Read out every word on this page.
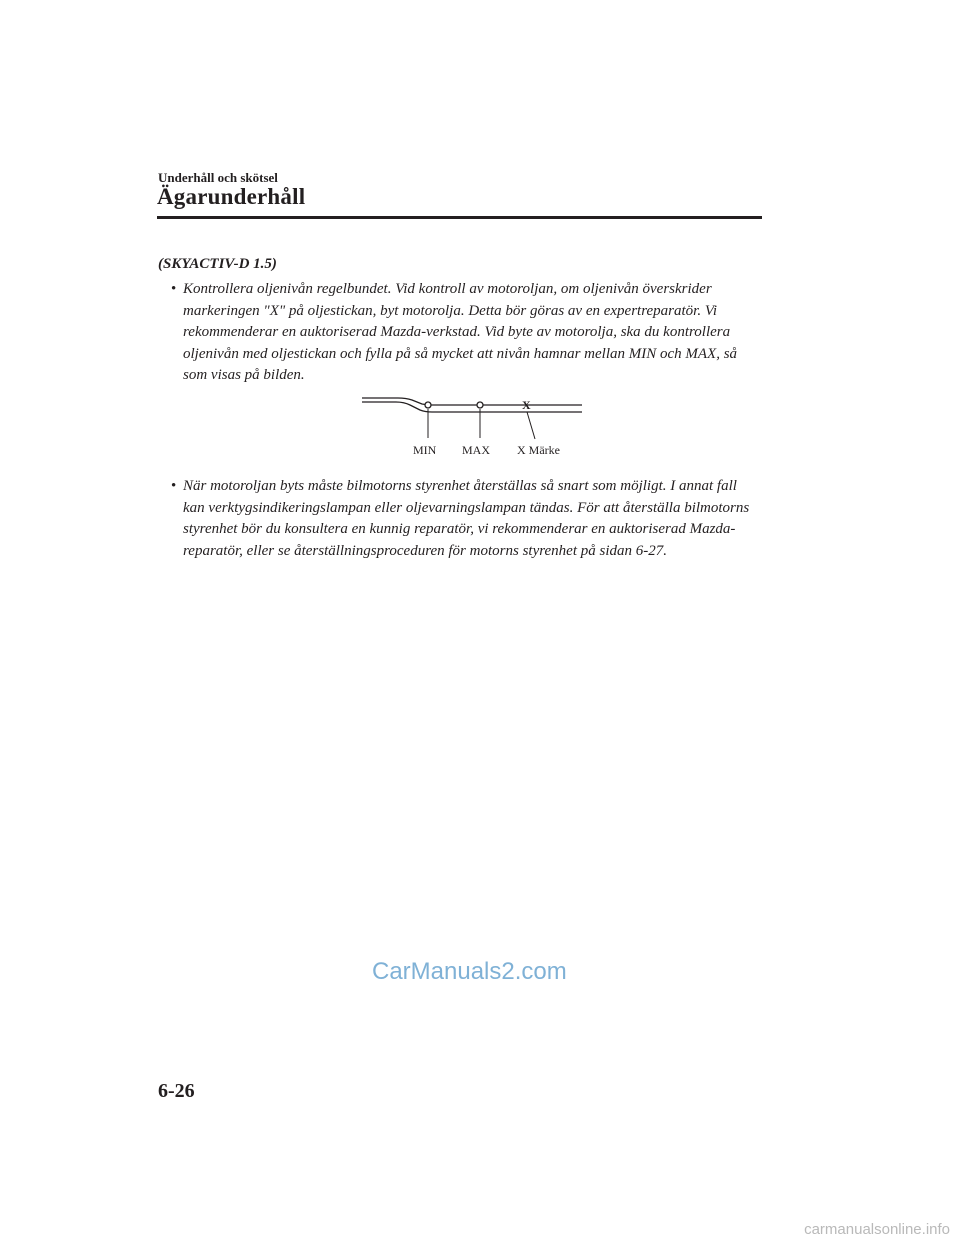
Underhåll och skötsel
Ägarunderhåll
(SKYACTIV-D 1.5)
• Kontrollera oljenivån regelbundet. Vid kontroll av motoroljan, om oljenivån överskrider markeringen "X" på oljestickan, byt motorolja. Detta bör göras av en expertreparatör. Vi rekommenderar en auktoriserad Mazda-verkstad. Vid byte av motorolja, ska du kontrollera oljenivån med oljestickan och fylla på så mycket att nivån hamnar mellan MIN och MAX, så som visas på bilden.
X
MIN MAX X Märke
• När motoroljan byts måste bilmotorns styrenhet återställas så snart som möjligt. I annat fall kan verktygsindikeringslampan eller oljevarningslampan tändas. För att återställa bilmotorns styrenhet bör du konsultera en kunnig reparatör, vi rekommenderar en auktoriserad Mazda-reparatör, eller se återställningsproceduren för motorns styrenhet på sidan 6-27.
CarManuals2.com
6-26
carmanualsonline.info
